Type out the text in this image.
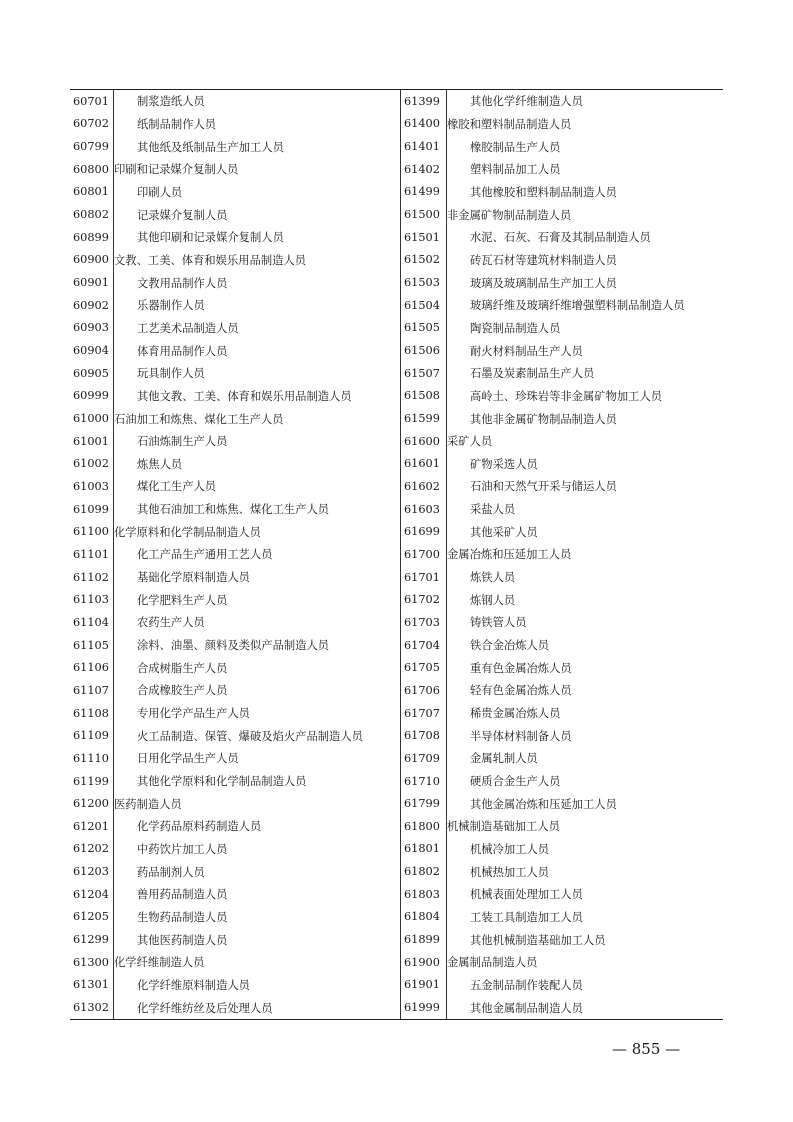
60701	制浆造纸人员	61399	其他化学纤维制造人员
60702	纸制品制作人员	61400 橡胶和塑料制品制造人员
60799	其他纸及纸制品生产加工人员	61401	橡胶制品生产人员
60800 印刷和记录媒介复制人员	61402	塑料制品加工人员
60801	印刷人员	61499	其他橡胶和塑料制品制造人员
60802	记录媒介复制人员	61500 非金属矿物制品制造人员
60899	其他印刷和记录媒介复制人员	61501	水泥、石灰、石膏及其制品制造人员
60900 文教、工美、体育和娱乐用品制造人员	61502	砖瓦石材等建筑材料制造人员
60901	文教用品制作人员	61503	玻璃及玻璃制品生产加工人员
60902	乐器制作人员	61504	玻璃纤维及玻璃纤维增强塑料制品制造人员
60903	工艺美术品制造人员	61505	陶瓷制品制造人员
60904	体育用品制作人员	61506	耐火材料制品生产人员
60905	玩具制作人员	61507	石墨及炭素制品生产人员
60999	其他文教、工美、体育和娱乐用品制造人员	61508	高岭土、珍珠岩等非金属矿物加工人员
61000 石油加工和炼焦、煤化工生产人员	61599	其他非金属矿物制品制造人员
61001	石油炼制生产人员	61600 采矿人员
61002	炼焦人员	61601	矿物采选人员
61003	煤化工生产人员	61602	石油和天然气开采与储运人员
61099	其他石油加工和炼焦、煤化工生产人员	61603	采盐人员
61100 化学原料和化学制品制造人员	61699	其他采矿人员
61101	化工产品生产通用工艺人员	61700 金属冶炼和压延加工人员
61102	基础化学原料制造人员	61701	炼铁人员
61103	化学肥料生产人员	61702	炼钢人员
61104	农药生产人员	61703	铸铁管人员
61105	涂料、油墨、颜料及类似产品制造人员	61704	铁合金冶炼人员
61106	合成树脂生产人员	61705	重有色金属冶炼人员
61107	合成橡胶生产人员	61706	轻有色金属冶炼人员
61108	专用化学产品生产人员	61707	稀贵金属冶炼人员
61109	火工品制造、保管、爆破及焰火产品制造人员	61708	半导体材料制备人员
61110	日用化学品生产人员	61709	金属轧制人员
61199	其他化学原料和化学制品制造人员	61710	硬质合金生产人员
61200 医药制造人员	61799	其他金属冶炼和压延加工人员
61201	化学药品原料药制造人员	61800 机械制造基础加工人员
61202	中药饮片加工人员	61801	机械冷加工人员
61203	药品制剂人员	61802	机械热加工人员
61204	兽用药品制造人员	61803	机械表面处理加工人员
61205	生物药品制造人员	61804	工装工具制造加工人员
61299	其他医药制造人员	61899	其他机械制造基础加工人员
61300 化学纤维制造人员	61900 金属制品制造人员
61301	化学纤维原料制造人员	61901	五金制品制作装配人员
61302	化学纤维纺丝及后处理人员	61999	其他金属制品制造人员
— 855 —
